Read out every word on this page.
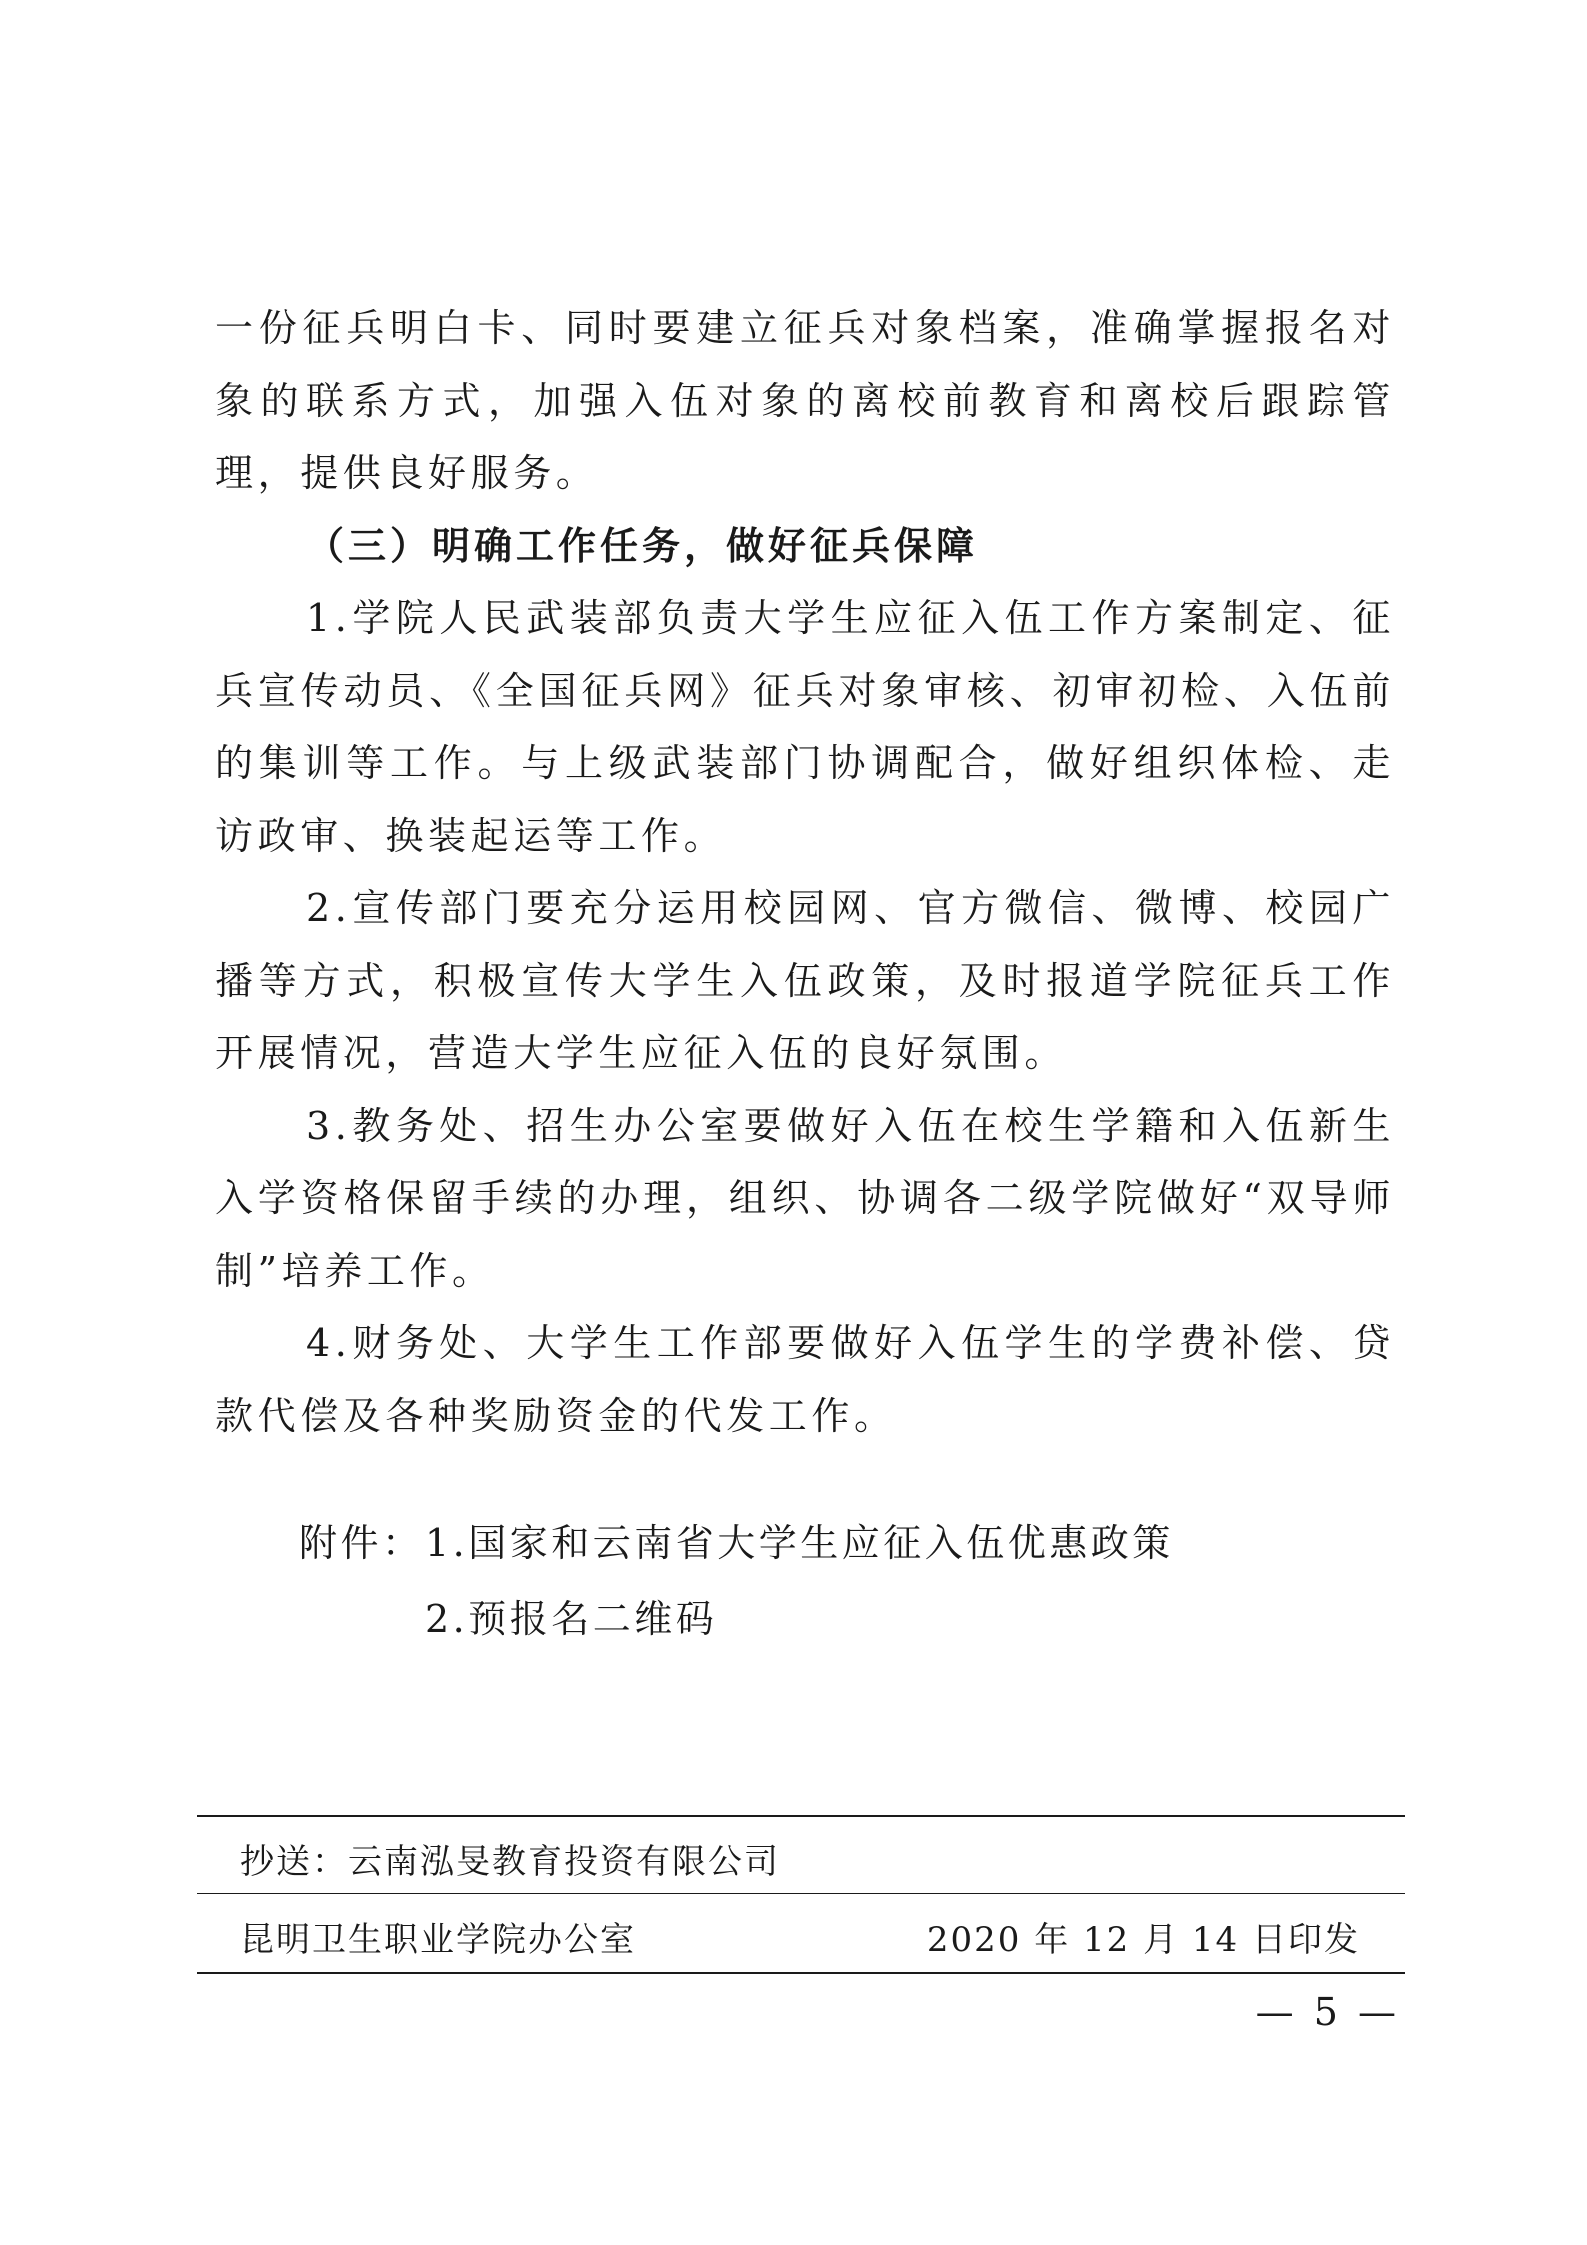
一份征兵明白卡、同时要建立征兵对象档案，准确掌握报名对象的联系方式，加强入伍对象的离校前教育和离校后跟踪管理，提供良好服务。

（三）明确工作任务，做好征兵保障

1.学院人民武装部负责大学生应征入伍工作方案制定、征兵宣传动员、《全国征兵网》征兵对象审核、初审初检、入伍前的集训等工作。与上级武装部门协调配合，做好组织体检、走访政审、换装起运等工作。

2.宣传部门要充分运用校园网、官方微信、微博、校园广播等方式，积极宣传大学生入伍政策，及时报道学院征兵工作开展情况，营造大学生应征入伍的良好氛围。

3.教务处、招生办公室要做好入伍在校生学籍和入伍新生入学资格保留手续的办理，组织、协调各二级学院做好“双导师制”培养工作。

4.财务处、大学生工作部要做好入伍学生的学费补偿、贷款代偿及各种奖励资金的代发工作。

附件： 1.国家和云南省大学生应征入伍优惠政策
2.预报名二维码
抄送：云南泓旻教育投资有限公司
昆明卫生职业学院办公室	2020 年 12 月 14 日印发
— 5 —
